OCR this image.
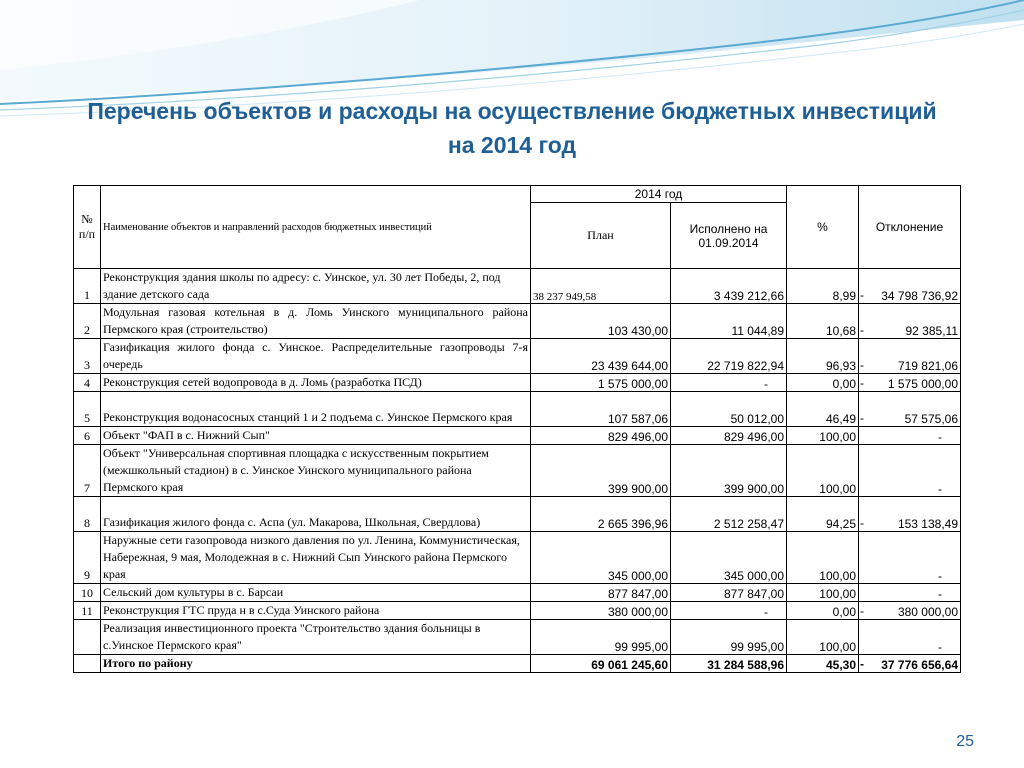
Перечень объектов и расходы на осуществление бюджетных инвестиций
на 2014 год
№ п/п	Наименование объектов и направлений расходов бюджетных инвестиций	2014 год		%	Отклонение
		План	Исполнено на 01.09.2014		
1	Реконструкция здания школы по адресу: с. Уинское, ул. 30 лет Победы, 2, под здание детского сада	38 237 949,58	3 439 212,66	8,99	- 34 798 736,92
2	Модульная газовая котельная в д. Ломь Уинского муниципального района Пермского края (строительство)	103 430,00	11 044,89	10,68	- 92 385,11
3	Газификация жилого фонда с. Уинское. Распределительные газопроводы 7-я очередь	23 439 644,00	22 719 822,94	96,93	- 719 821,06
4	Реконструкция сетей водопровода в д. Ломь (разработка ПСД)	1 575 000,00	-	0,00	- 1 575 000,00
5	Реконструкция водонасосных станций 1 и 2 подъема с. Уинское Пермского края	107 587,06	50 012,00	46,49	- 57 575,06
6	Объект "ФАП в с. Нижний Сып"	829 496,00	829 496,00	100,00	-
7	Объект "Универсальная спортивная площадка с искусственным покрытием (межшкольный стадион) в с. Уинское Уинского муниципального района Пермского края	399 900,00	399 900,00	100,00	-
8	Газификация жилого фонда с. Аспа (ул. Макарова, Школьная, Свердлова)	2 665 396,96	2 512 258,47	94,25	- 153 138,49
9	Наружные сети газопровода низкого давления по ул. Ленина, Коммунистическая, Набережная, 9 мая, Молодежная в с. Нижний Сып Уинского района Пермского края	345 000,00	345 000,00	100,00	-
10	Сельский дом культуры в с. Барсаи	877 847,00	877 847,00	100,00	-
11	Реконструкция ГТС пруда н в с.Суда Уинского района	380 000,00	-	0,00	- 380 000,00
	Реализация инвестиционного проекта "Строительство здания больницы в с.Уинское Пермского края"	99 995,00	99 995,00	100,00	-
	Итого по району	69 061 245,60	31 284 588,96	45,30	- 37 776 656,64
25
